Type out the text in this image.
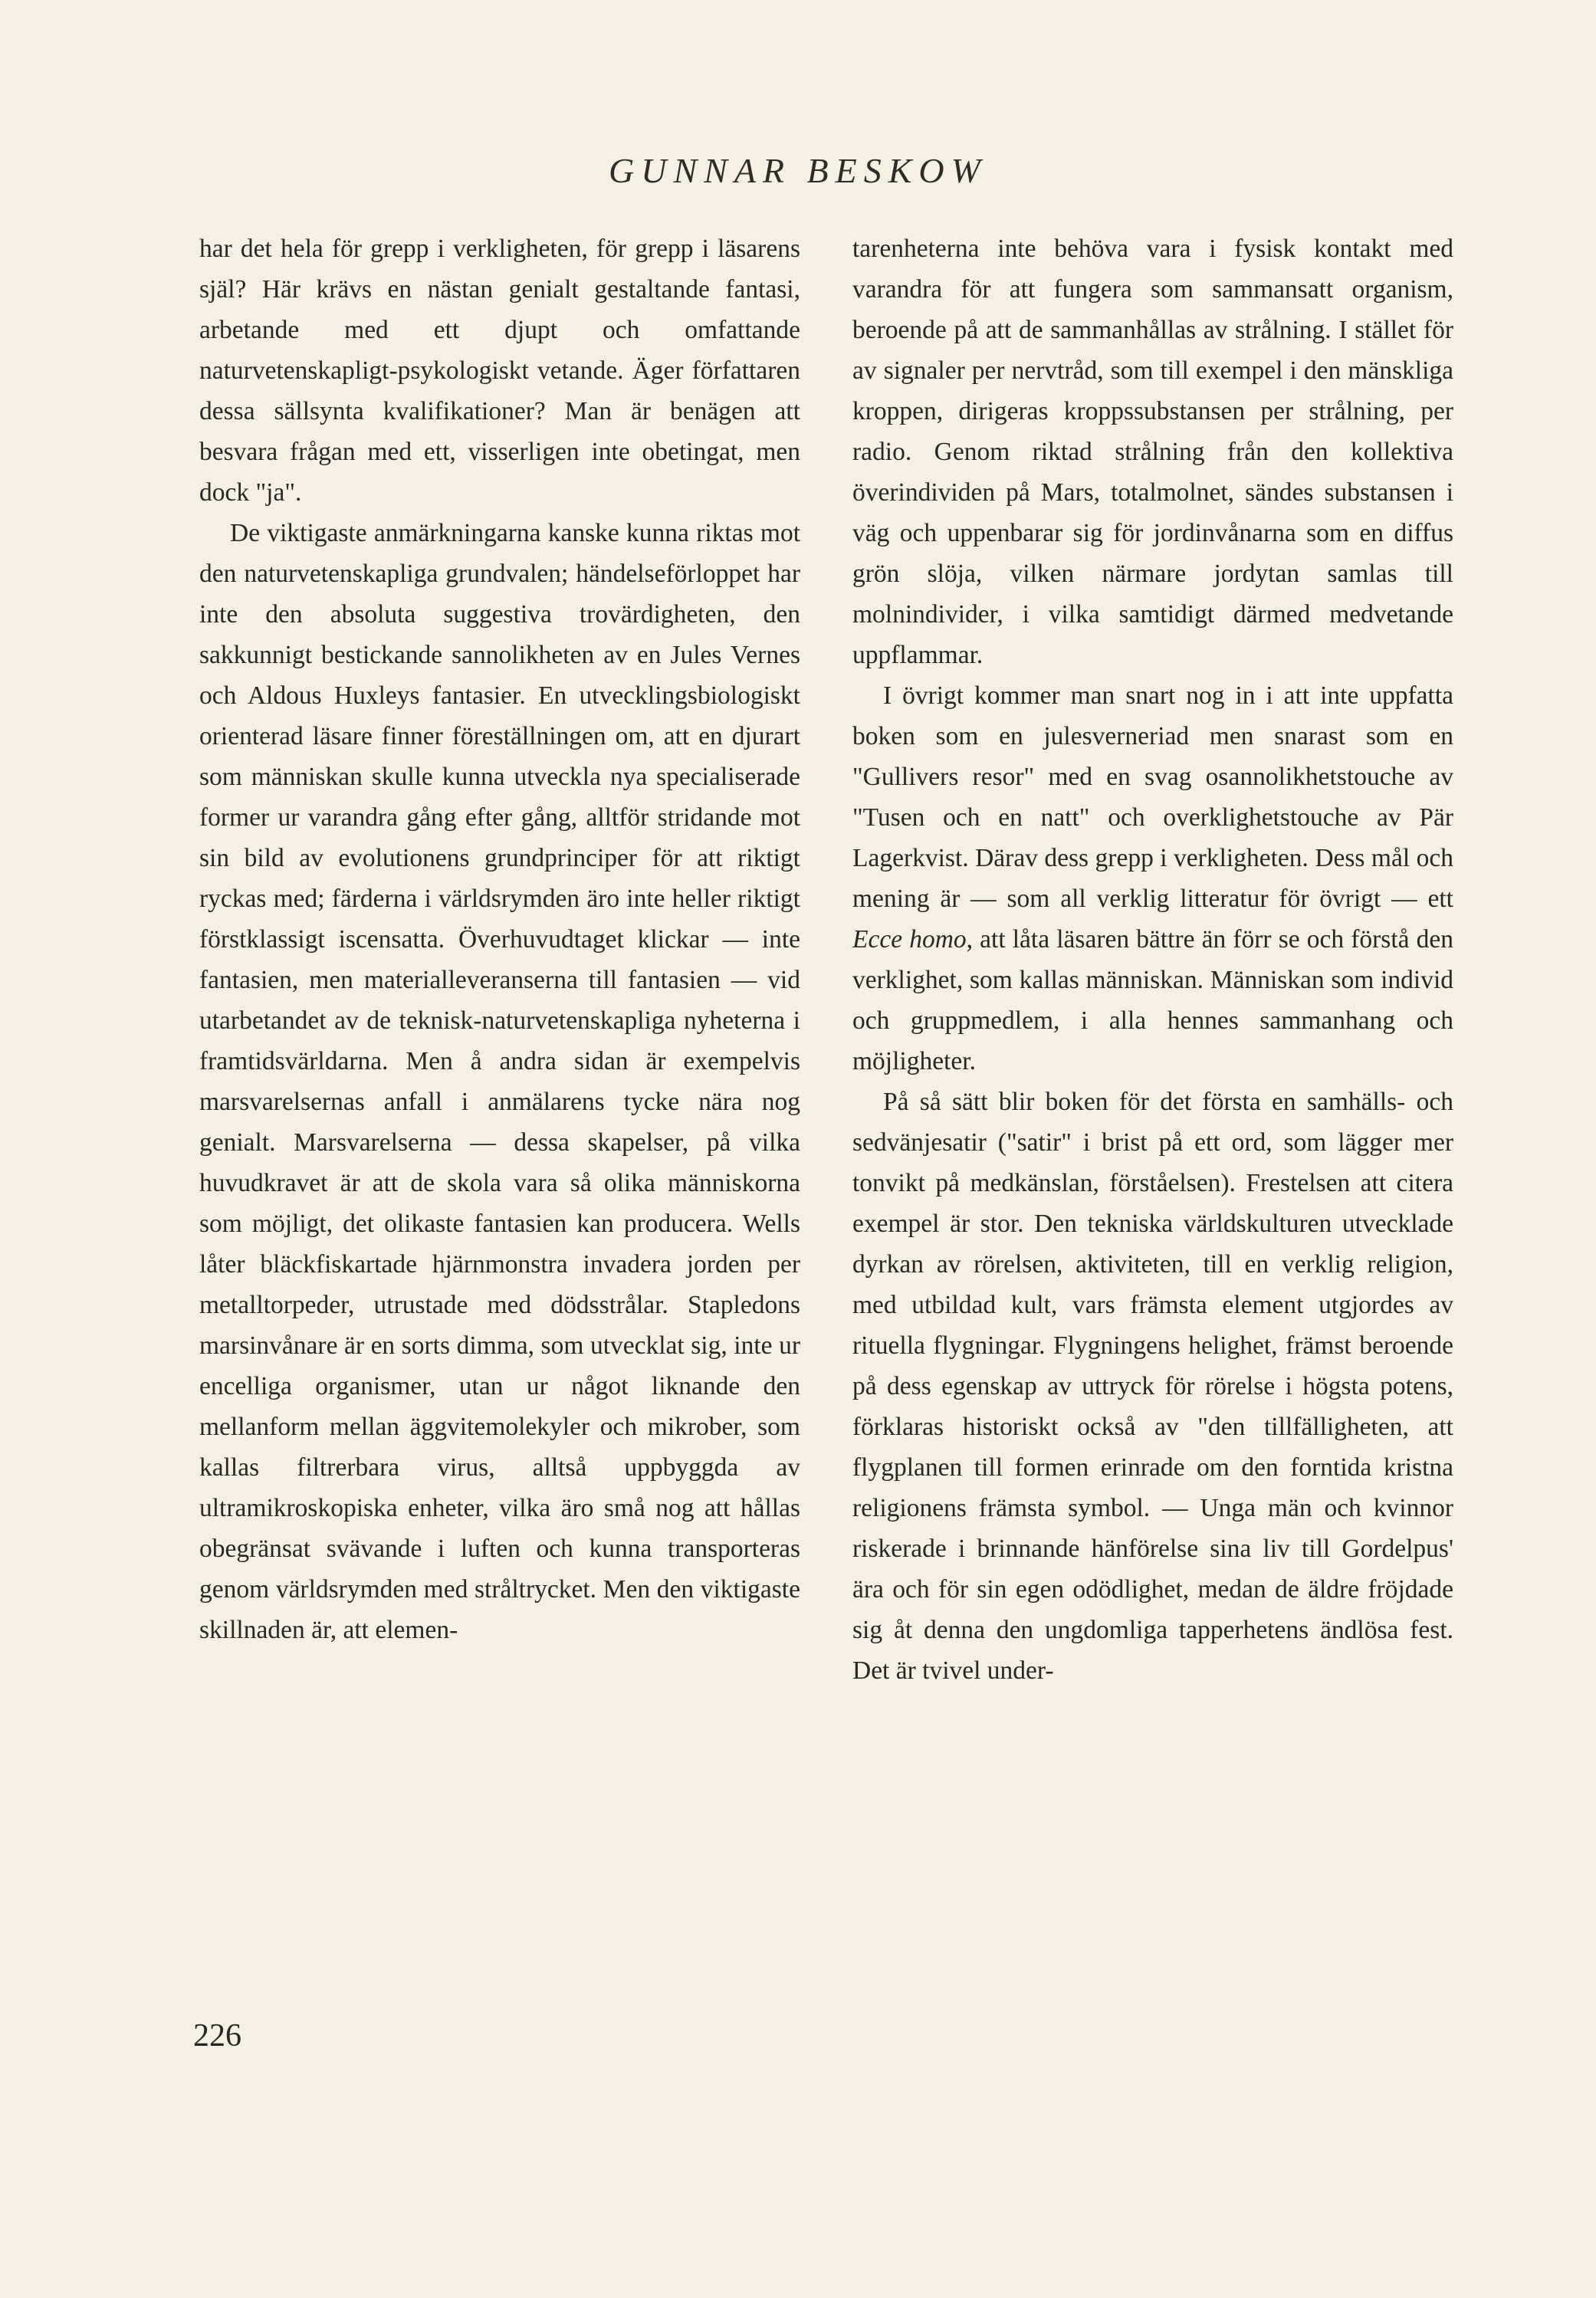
GUNNAR BESKOW

har det hela för grepp i verkligheten, för grepp i läsarens själ? Här krävs en nästan genialt gestaltande fantasi, arbetande med ett djupt och omfattande naturvetenskapligt-psykologiskt vetande. Äger författaren dessa sällsynta kvalifikationer? Man är benägen att besvara frågan med ett, visserligen inte obetingat, men dock "ja".

De viktigaste anmärkningarna kanske kunna riktas mot den naturvetenskapliga grundvalen; händelseförloppet har inte den absoluta suggestiva trovärdigheten, den sakkunnigt bestickande sannolikheten av en Jules Vernes och Aldous Huxleys fantasier. En utvecklingsbiologiskt orienterad läsare finner föreställningen om, att en djurart som människan skulle kunna utveckla nya specialiserade former ur varandra gång efter gång, alltför stridande mot sin bild av evolutionens grundprinciper för att riktigt ryckas med; färderna i världsrymden äro inte heller riktigt förstklassigt iscensatta. Överhuvudtaget klickar — inte fantasien, men materialleveranserna till fantasien — vid utarbetandet av de teknisk-naturvetenskapliga nyheterna i framtidsvärldarna. Men å andra sidan är exempelvis marsvarelsernas anfall i anmälarens tycke nära nog genialt. Marsvarelserna — dessa skapelser, på vilka huvudkravet är att de skola vara så olika människorna som möjligt, det olikaste fantasien kan producera. Wells låter bläckfiskartade hjärnmonstra invadera jorden per metalltorpeder, utrustade med dödsstrålar. Stapledons marsinvånare är en sorts dimma, som utvecklat sig, inte ur encelliga organismer, utan ur något liknande den mellanform mellan äggvitemolekyler och mikrober, som kallas filtrerbara virus, alltså uppbyggda av ultramikroskopiska enheter, vilka äro små nog att hållas obegränsat svävande i luften och kunna transporteras genom världsrymden med stråltrycket. Men den viktigaste skillnaden är, att elemen-

tarenheterna inte behöva vara i fysisk kontakt med varandra för att fungera som sammansatt organism, beroende på att de sammanhållas av strålning. I stället för av signaler per nervtråd, som till exempel i den mänskliga kroppen, dirigeras kroppssubstansen per strålning, per radio. Genom riktad strålning från den kollektiva överindividen på Mars, totalmolnet, sändes substansen i väg och uppenbarar sig för jordinvånarna som en diffus grön slöja, vilken närmare jordytan samlas till molnindivider, i vilka samtidigt därmed medvetande uppflammar.

I övrigt kommer man snart nog in i att inte uppfatta boken som en julesverneriad men snarast som en "Gullivers resor" med en svag osannolikhetstouche av "Tusen och en natt" och overklighetstouche av Pär Lagerkvist. Därav dess grepp i verkligheten. Dess mål och mening är — som all verklig litteratur för övrigt — ett Ecce homo, att låta läsaren bättre än förr se och förstå den verklighet, som kallas människan. Människan som individ och gruppmedlem, i alla hennes sammanhang och möjligheter.

På så sätt blir boken för det första en samhälls- och sedvänjesatir ("satir" i brist på ett ord, som lägger mer tonvikt på medkänslan, förståelsen). Frestelsen att citera exempel är stor. Den tekniska världskulturen utvecklade dyrkan av rörelsen, aktiviteten, till en verklig religion, med utbildad kult, vars främsta element utgjordes av rituella flygningar. Flygningens helighet, främst beroende på dess egenskap av uttryck för rörelse i högsta potens, förklaras historiskt också av "den tillfälligheten, att flygplanen till formen erinrade om den forntida kristna religionens främsta symbol. — Unga män och kvinnor riskerade i brinnande hänförelse sina liv till Gordelpus' ära och för sin egen odödlighet, medan de äldre fröjdade sig åt denna den ungdomliga tapperhetens ändlösa fest. Det är tvivel under-

226
